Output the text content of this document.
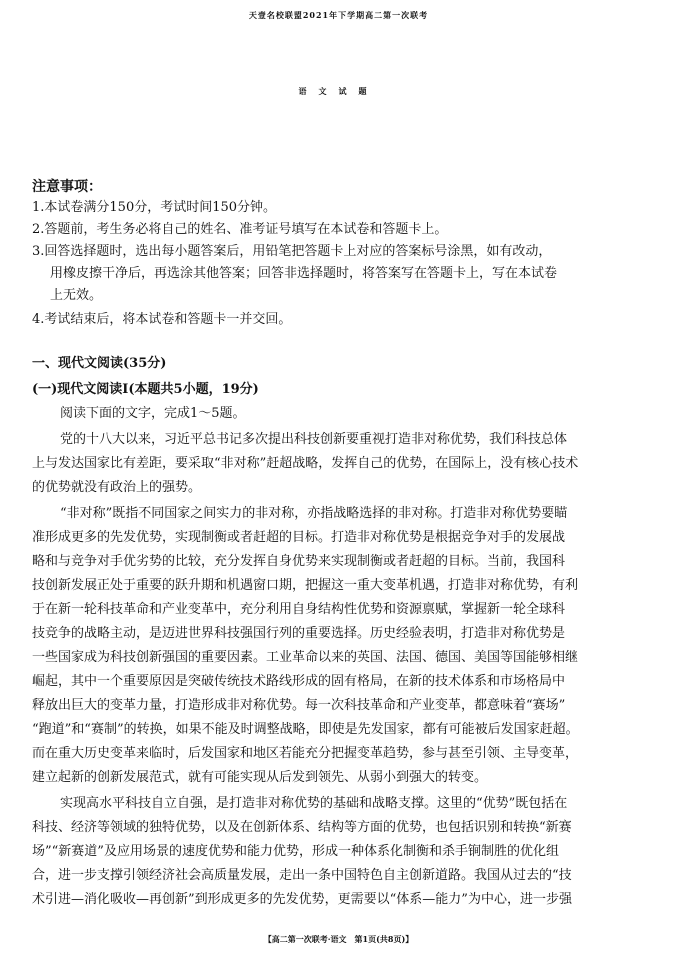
天壹名校联盟2021年下学期高二第一次联考
语文试题
注意事项：
1.本试卷满分150分，考试时间150分钟。
2.答题前，考生务必将自己的姓名、准考证号填写在本试卷和答题卡上。
3.回答选择题时，选出每小题答案后，用铅笔把答题卡上对应的答案标号涂黑，如有改动，
用橡皮擦干净后，再选涂其他答案；回答非选择题时，将答案写在答题卡上，写在本试卷
上无效。
4.考试结束后，将本试卷和答题卡一并交回。
一、现代文阅读(35分)
(一)现代文阅读Ⅰ(本题共5小题，19分)
阅读下面的文字，完成1～5题。
党的十八大以来，习近平总书记多次提出科技创新要重视打造非对称优势，我们科技总体
上与发达国家比有差距，要采取“非对称”赶超战略，发挥自己的优势，在国际上，没有核心技术
的优势就没有政治上的强势。
“非对称”既指不同国家之间实力的非对称，亦指战略选择的非对称。打造非对称优势要瞄
准形成更多的先发优势，实现制衡或者赶超的目标。打造非对称优势是根据竞争对手的发展战
略和与竞争对手优劣势的比较，充分发挥自身优势来实现制衡或者赶超的目标。当前，我国科
技创新发展正处于重要的跃升期和机遇窗口期，把握这一重大变革机遇，打造非对称优势，有利
于在新一轮科技革命和产业变革中，充分利用自身结构性优势和资源禀赋，掌握新一轮全球科
技竞争的战略主动，是迈进世界科技强国行列的重要选择。历史经验表明，打造非对称优势是
一些国家成为科技创新强国的重要因素。工业革命以来的英国、法国、德国、美国等国能够相继
崛起，其中一个重要原因是突破传统技术路线形成的固有格局，在新的技术体系和市场格局中
释放出巨大的变革力量，打造形成非对称优势。每一次科技革命和产业变革，都意味着“赛场”
“跑道”和“赛制”的转换，如果不能及时调整战略，即使是先发国家，都有可能被后发国家赶超。
而在重大历史变革来临时，后发国家和地区若能充分把握变革趋势，参与甚至引领、主导变革，
建立起新的创新发展范式，就有可能实现从后发到领先、从弱小到强大的转变。
实现高水平科技自立自强，是打造非对称优势的基础和战略支撑。这里的“优势”既包括在
科技、经济等领域的独特优势，以及在创新体系、结构等方面的优势，也包括识别和转换“新赛
场”“新赛道”及应用场景的速度优势和能力优势，形成一种体系化制衡和杀手锏制胜的优化组
合，进一步支撑引领经济社会高质量发展，走出一条中国特色自主创新道路。我国从过去的“技
术引进—消化吸收—再创新”到形成更多的先发优势，更需要以“体系—能力”为中心，进一步强
【高二第一次联考·语文　第1页(共8页)】
